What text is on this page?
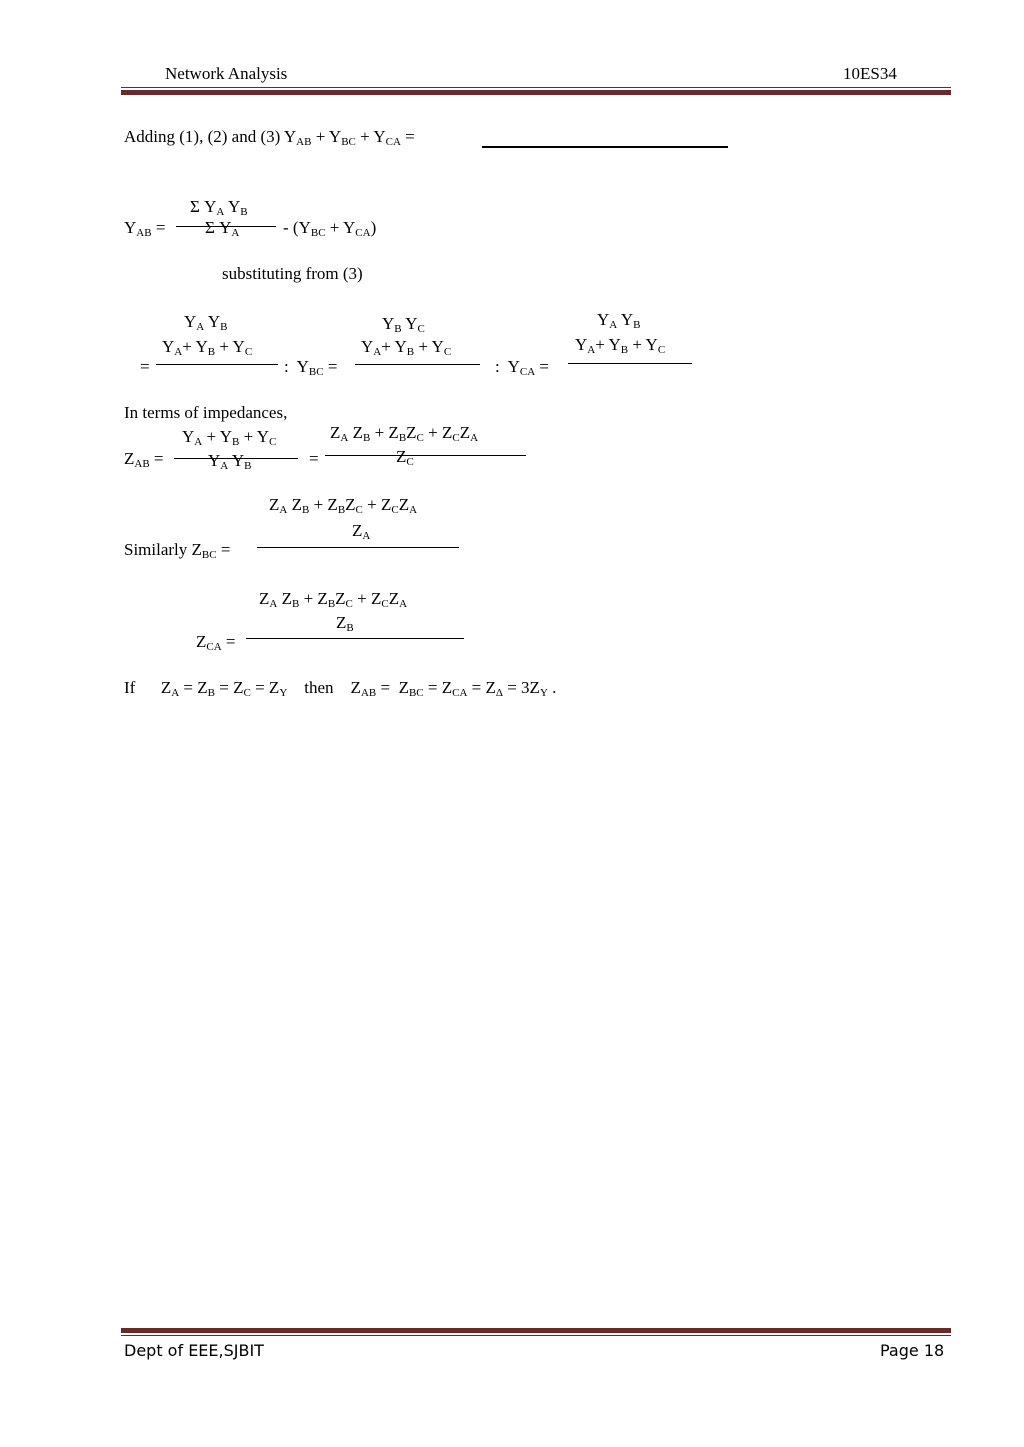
Network Analysis	10ES34
Adding (1), (2) and (3) $Y_{AB} + Y_{BC} + Y_{CA}$ =
Σ $Y_A$ $Y_B$
$Y_{AB} = \Sigma$ $Y_A$	- $(Y_{BC} + Y_{CA})$
substituting from (3)
$Y_A$ $Y_B$
$Y_A+ Y_B + Y_C$
=	:  $Y_{BC}$ =
$Y_B$ $Y_C$
$Y_A+ Y_B + Y_C$
:  $Y_{CA}$ =
$Y_A$ $Y_B$
$Y_A+ Y_B + Y_C$
In terms of impedances,
$Y_A + Y_B + Y_C$
$Z_{AB}$ =	$Y_A$ $Y_B$	=
$Z_A$ $Z_B + Z_BZ_C + Z_CZ_A$
$Z_C$
$Z_A$ $Z_B + Z_BZ_C + Z_CZ_A$
$Z_A$
Similarly $Z_{BC}$ =
$Z_A$ $Z_B + Z_BZ_C + Z_CZ_A$
$Z_B$
$Z_{CA}$ =
If $Z_A = Z_B = Z_C = Z_Y$ then $Z_{AB} = Z_{BC} = Z_{CA} = Z_\Delta = 3Z_Y$ .
Dept of EEE,SJBIT	Page 18
